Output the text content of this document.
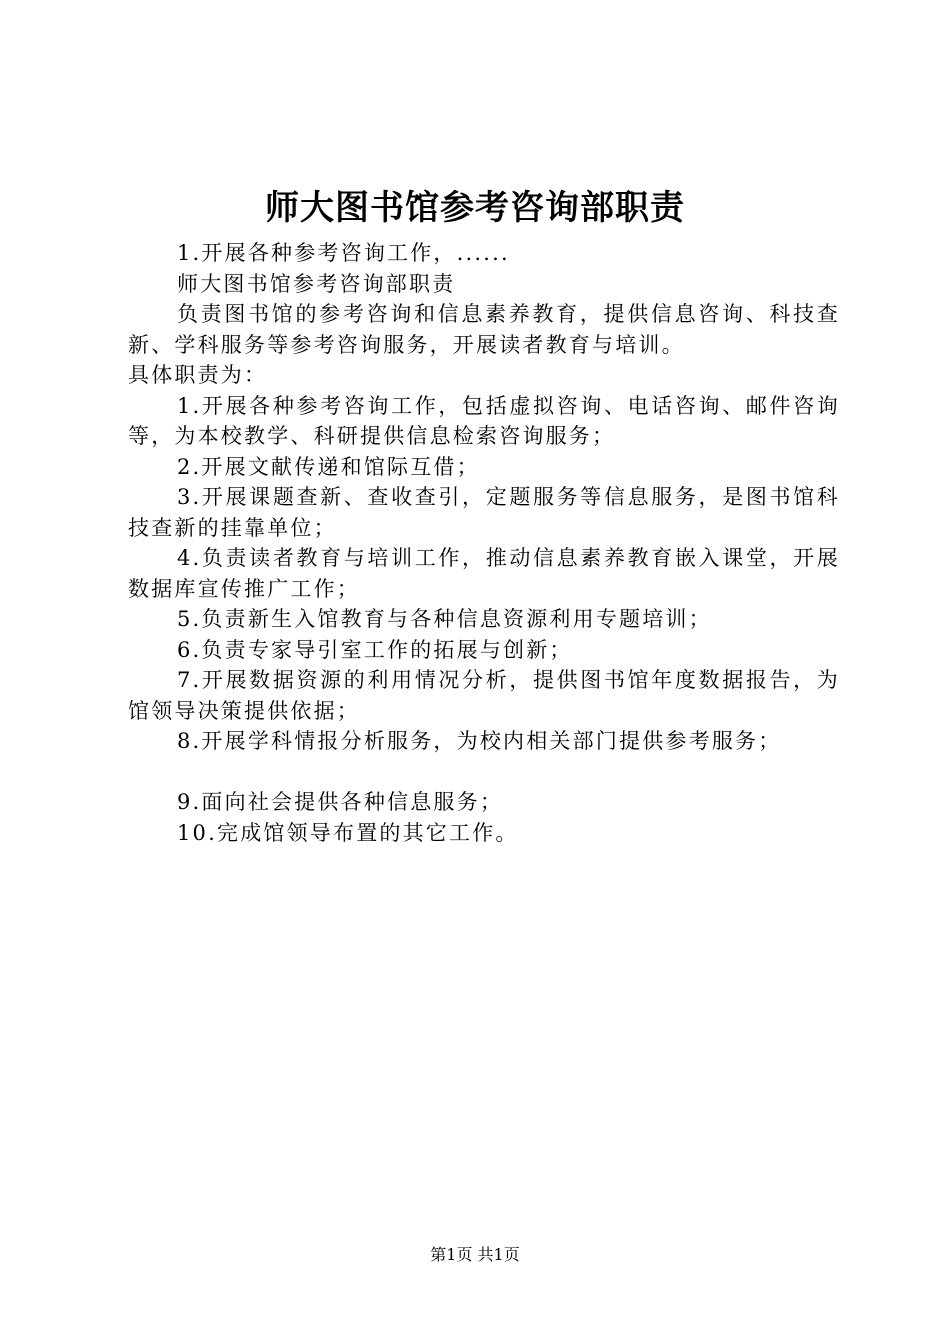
师大图书馆参考咨询部职责

1.开展各种参考咨询工作，......

师大图书馆参考咨询部职责

负责图书馆的参考咨询和信息素养教育，提供信息咨询、科技查新、学科服务等参考咨询服务，开展读者教育与培训。

具体职责为：

1.开展各种参考咨询工作，包括虚拟咨询、电话咨询、邮件咨询等，为本校教学、科研提供信息检索咨询服务；

2.开展文献传递和馆际互借；

3.开展课题查新、查收查引，定题服务等信息服务，是图书馆科技查新的挂靠单位；

4.负责读者教育与培训工作，推动信息素养教育嵌入课堂，开展数据库宣传推广工作；

5.负责新生入馆教育与各种信息资源利用专题培训；

6.负责专家导引室工作的拓展与创新；

7.开展数据资源的利用情况分析，提供图书馆年度数据报告，为馆领导决策提供依据；

8.开展学科情报分析服务，为校内相关部门提供参考服务；

9.面向社会提供各种信息服务；

10.完成馆领导布置的其它工作。

第1页 共1页
